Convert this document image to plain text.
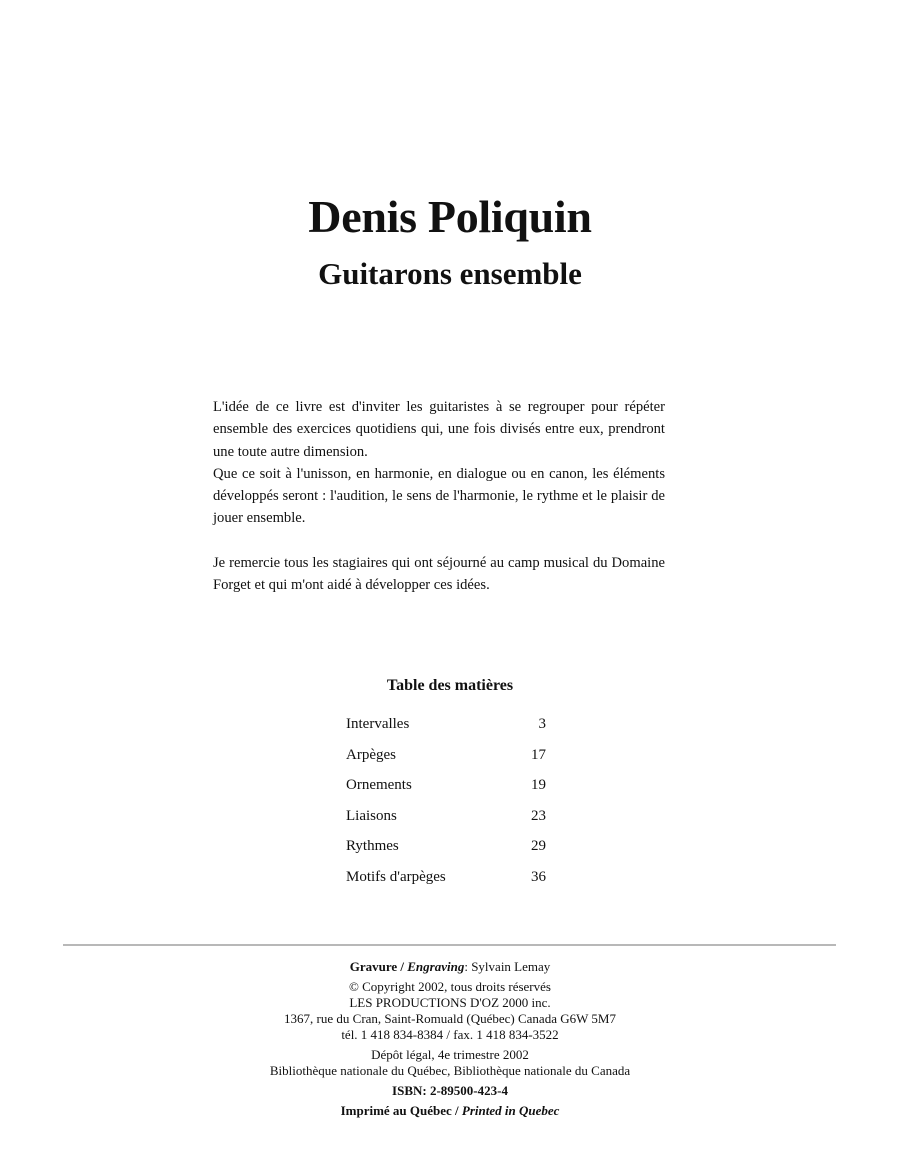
Denis Poliquin
Guitarons ensemble

L'idée de ce livre est d'inviter les guitaristes à se regrouper pour répéter ensemble des exercices quotidiens qui, une fois divisés entre eux, prendront une toute autre dimension.

Que ce soit à l'unisson, en harmonie, en dialogue ou en canon, les éléments développés seront : l'audition, le sens de l'harmonie, le rythme et le plaisir de jouer ensemble.

Je remercie tous les stagiaires qui ont séjourné au camp musical du Domaine Forget et qui m'ont aidé à développer ces idées.

Table des matières
Intervalles	3
Arpèges	17
Ornements	19
Liaisons	23
Rythmes	29
Motifs d'arpèges	36
Gravure / Engraving: Sylvain Lemay
© Copyright 2002, tous droits réservés
LES PRODUCTIONS D'OZ 2000 inc.
1367, rue du Cran, Saint-Romuald (Québec) Canada G6W 5M7
tél. 1 418 834-8384 / fax. 1 418 834-3522
Dépôt légal, 4e trimestre 2002
Bibliothèque nationale du Québec, Bibliothèque nationale du Canada
ISBN: 2-89500-423-4
Imprimé au Québec / Printed in Quebec
